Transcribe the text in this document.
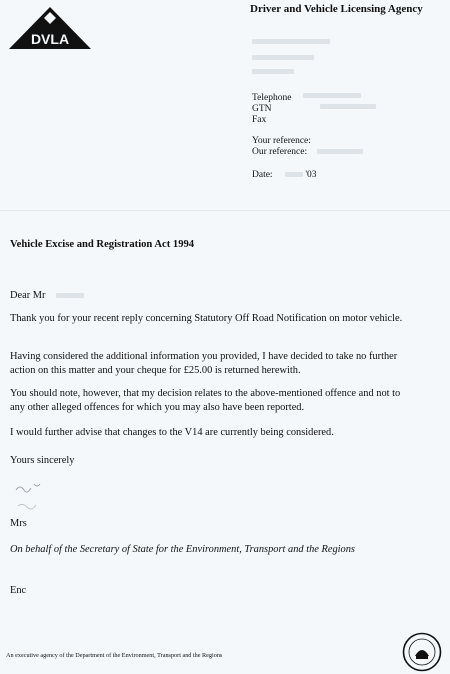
DVLA
Driver and Vehicle Licensing Agency
Telephone
GTN
Fax
Your reference:
Our reference:
Date:	'03
Vehicle Excise and Registration Act 1994
Dear Mr
Thank you for your recent reply concerning Statutory Off Road Notification on motor vehicle.
Having considered the additional information you provided, I have decided to take no further action on this matter and your cheque for £25.00 is returned herewith.
You should note, however, that my decision relates to the above-mentioned offence and not to any other alleged offences for which you may also have been reported.
I would further advise that changes to the V14 are currently being considered.
Yours sincerely
Mrs
On behalf of the Secretary of State for the Environment, Transport and the Regions
Enc
An executive agency of the Department of the Environment, Transport and the Regions
